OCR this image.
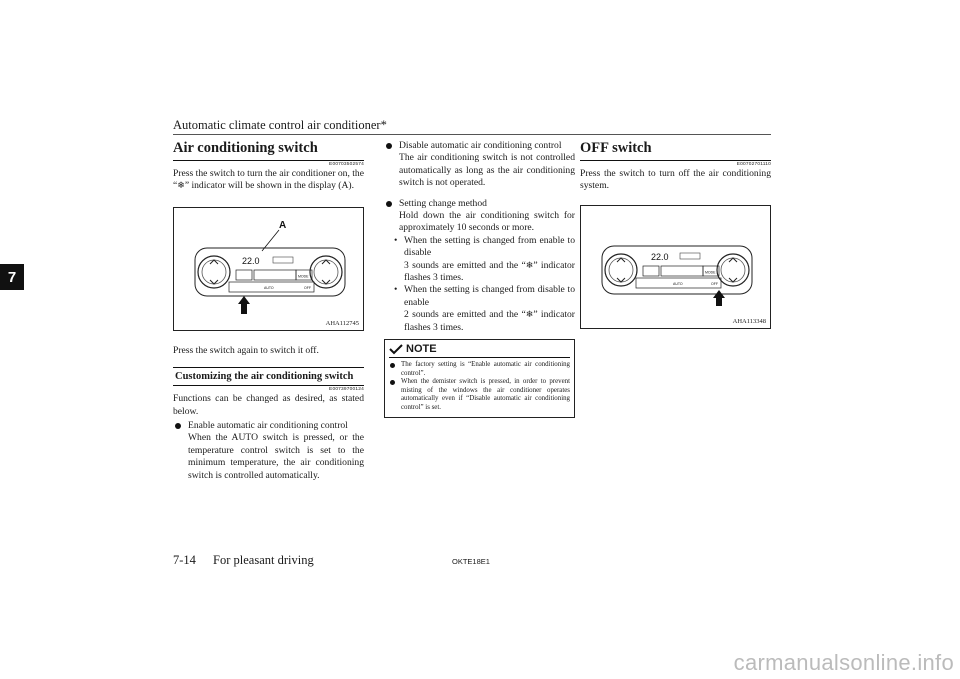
Automatic climate control air conditioner*
7
Air conditioning switch
E00703502574

Press the switch to turn the air conditioner on, the “❄” indicator will be shown in the display (A).

22.0
MODE
AUTO	OFF
A
AHA112745

Press the switch again to switch it off.

Customizing the air conditioning switch
E00739700124

Functions can be changed as desired, as stated below.

Enable automatic air conditioning control
When the AUTO switch is pressed, or the temperature control switch is set to the minimum temperature, the air conditioning switch is controlled automatically.
Disable automatic air conditioning control
The air conditioning switch is not controlled automatically as long as the air conditioning switch is not operated.
Setting change method
Hold down the air conditioning switch for approximately 10 seconds or more.
• When the setting is changed from enable to disable
3 sounds are emitted and the “❄” indicator flashes 3 times.
• When the setting is changed from disable to enable
2 sounds are emitted and the “❄” indicator flashes 3 times.
NOTE
The factory setting is “Enable automatic air conditioning control”.
When the demister switch is pressed, in order to prevent misting of the windows the air conditioner operates automatically even if “Disable automatic air conditioning control” is set.
OFF switch
E00702701110

Press the switch to turn off the air conditioning system.

22.0
MODE
AUTO	OFF
AHA113348
7-14 For pleasant driving	OKTE18E1
carmanualsonline.info
